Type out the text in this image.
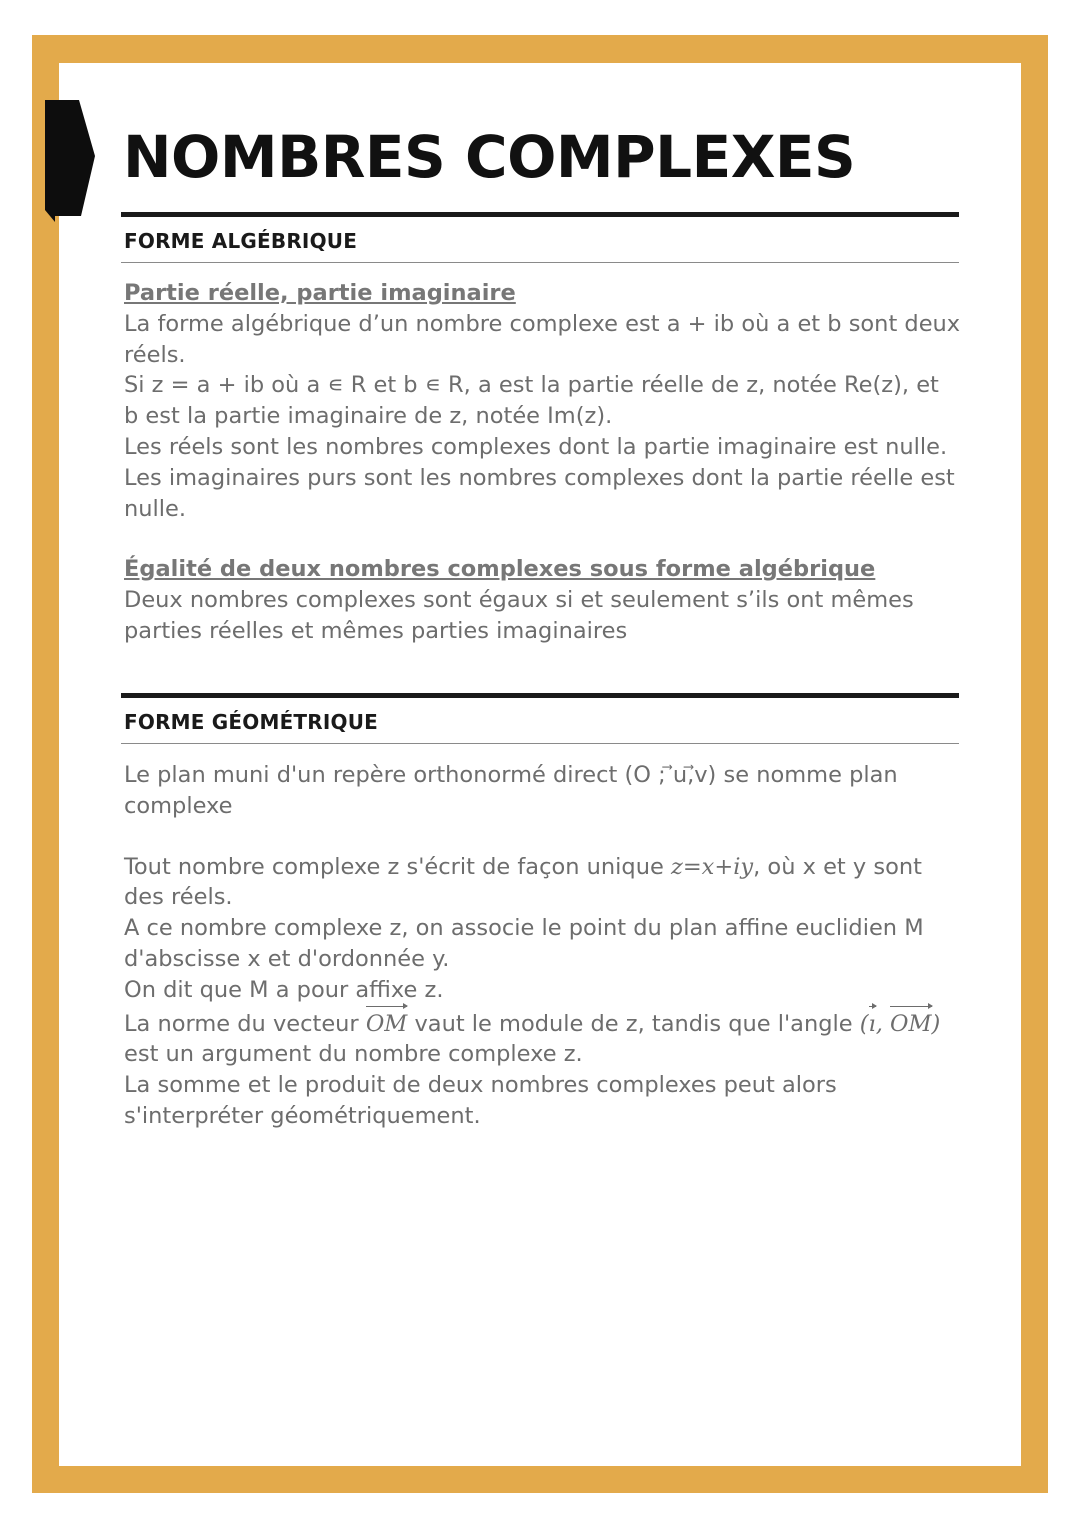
NOMBRES COMPLEXES
FORME ALGÉBRIQUE
Partie réelle, partie imaginaire

La forme algébrique d’un nombre complexe est a + ib où a et b sont deux

réels.

Si z = a + ib où a ∊ R et b ∊ R, a est la partie réelle de z, notée Re(z), et

b est la partie imaginaire de z, notée Im(z).

Les réels sont les nombres complexes dont la partie imaginaire est nulle.

Les imaginaires purs sont les nombres complexes dont la partie réelle est

nulle.

Égalité de deux nombres complexes sous forme algébrique

Deux nombres complexes sont égaux si et seulement s’ils ont mêmes

parties réelles et mêmes parties imaginaires

FORME GÉOMÉTRIQUE

Le plan muni d'un repère orthonormé direct (O ; ⃗u,⃗v) se nomme plan

complexe

Tout nombre complexe z s'écrit de façon unique z=x+iy, où x et y sont

des réels.

A ce nombre complexe z, on associe le point du plan affine euclidien M

d'abscisse x et d'ordonnée y.

On dit que M a pour affixe z.

La norme du vecteur
OM vaut le module de z, tandis que l'angle (
ı,
OM)

est un argument du nombre complexe z.

La somme et le produit de deux nombres complexes peut alors

s'interpréter géométriquement.
